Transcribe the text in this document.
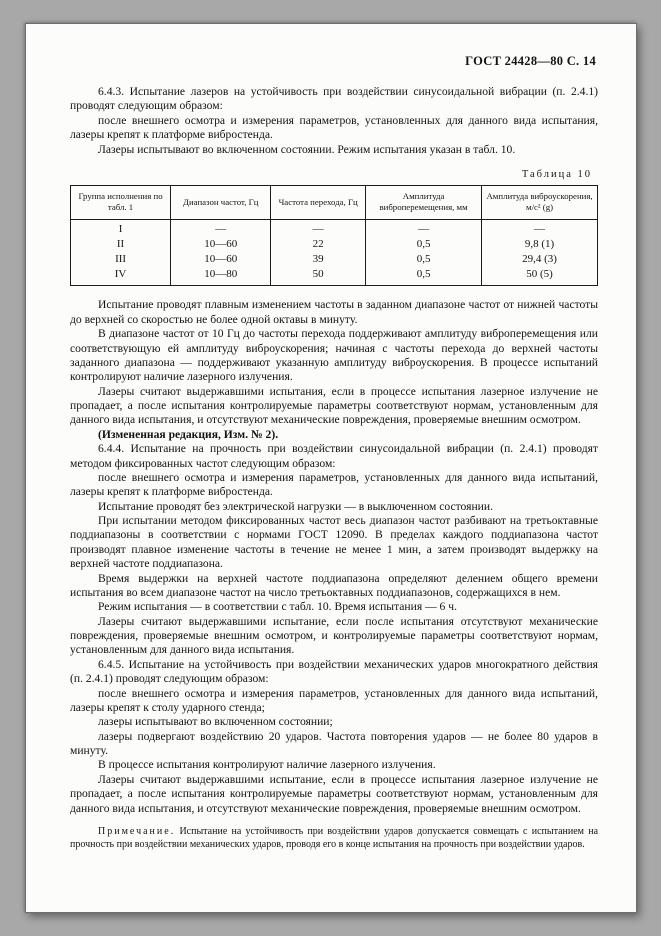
ГОСТ 24428—80 С. 14

6.4.3. Испытание лазеров на устойчивость при воздействии синусоидальной вибрации (п. 2.4.1) проводят следующим образом:

после внешнего осмотра и измерения параметров, установленных для данного вида испытания, лазеры крепят к платформе вибростенда.

Лазеры испытывают во включенном состоянии. Режим испытания указан в табл. 10.

Таблица 10
Группа исполнения по табл. 1	Диапазон частот, Гц	Частота перехода, Гц	Амплитуда виброперемещения, мм	Амплитуда виброускорения, м/с² (g)
I	—	—	—	—
II	10—60	22	0,5	9,8 (1)
III	10—60	39	0,5	29,4 (3)
IV	10—80	50	0,5	50 (5)

Испытание проводят плавным изменением частоты в заданном диапазоне частот от нижней частоты до верхней со скоростью не более одной октавы в минуту.

В диапазоне частот от 10 Гц до частоты перехода поддерживают амплитуду виброперемещения или соответствующую ей амплитуду виброускорения; начиная с частоты перехода до верхней частоты заданного диапазона — поддерживают указанную амплитуду виброускорения. В процессе испытаний контролируют наличие лазерного излучения.

Лазеры считают выдержавшими испытания, если в процессе испытания лазерное излучение не пропадает, а после испытания контролируемые параметры соответствуют нормам, установленным для данного вида испытания, и отсутствуют механические повреждения, проверяемые внешним осмотром.

(Измененная редакция, Изм. № 2).

6.4.4. Испытание на прочность при воздействии синусоидальной вибрации (п. 2.4.1) проводят методом фиксированных частот следующим образом:

после внешнего осмотра и измерения параметров, установленных для данного вида испытаний, лазеры крепят к платформе вибростенда.

Испытание проводят без электрической нагрузки — в выключенном состоянии.

При испытании методом фиксированных частот весь диапазон частот разбивают на третьоктавные поддиапазоны в соответствии с нормами ГОСТ 12090. В пределах каждого поддиапазона частот производят плавное изменение частоты в течение не менее 1 мин, а затем производят выдержку на верхней частоте поддиапазона.

Время выдержки на верхней частоте поддиапазона определяют делением общего времени испытания во всем диапазоне частот на число третьоктавных поддиапазонов, содержащихся в нем.

Режим испытания — в соответствии с табл. 10. Время испытания — 6 ч.

Лазеры считают выдержавшими испытание, если после испытания отсутствуют механические повреждения, проверяемые внешним осмотром, и контролируемые параметры соответствуют нормам, установленным для данного вида испытания.

6.4.5. Испытание на устойчивость при воздействии механических ударов многократного действия (п. 2.4.1) проводят следующим образом:

после внешнего осмотра и измерения параметров, установленных для данного вида испытаний, лазеры крепят к столу ударного стенда;

лазеры испытывают во включенном состоянии;

лазеры подвергают воздействию 20 ударов. Частота повторения ударов — не более 80 ударов в минуту.

В процессе испытания контролируют наличие лазерного излучения.

Лазеры считают выдержавшими испытание, если в процессе испытания лазерное излучение не пропадает, а после испытания контролируемые параметры соответствуют нормам, установленным для данного вида испытания, и отсутствуют механические повреждения, проверяемые внешним осмотром.

Примечание. Испытание на устойчивость при воздействии ударов допускается совмещать с испытанием на прочность при воздействии механических ударов, проводя его в конце испытания на прочность при воздействии ударов.
